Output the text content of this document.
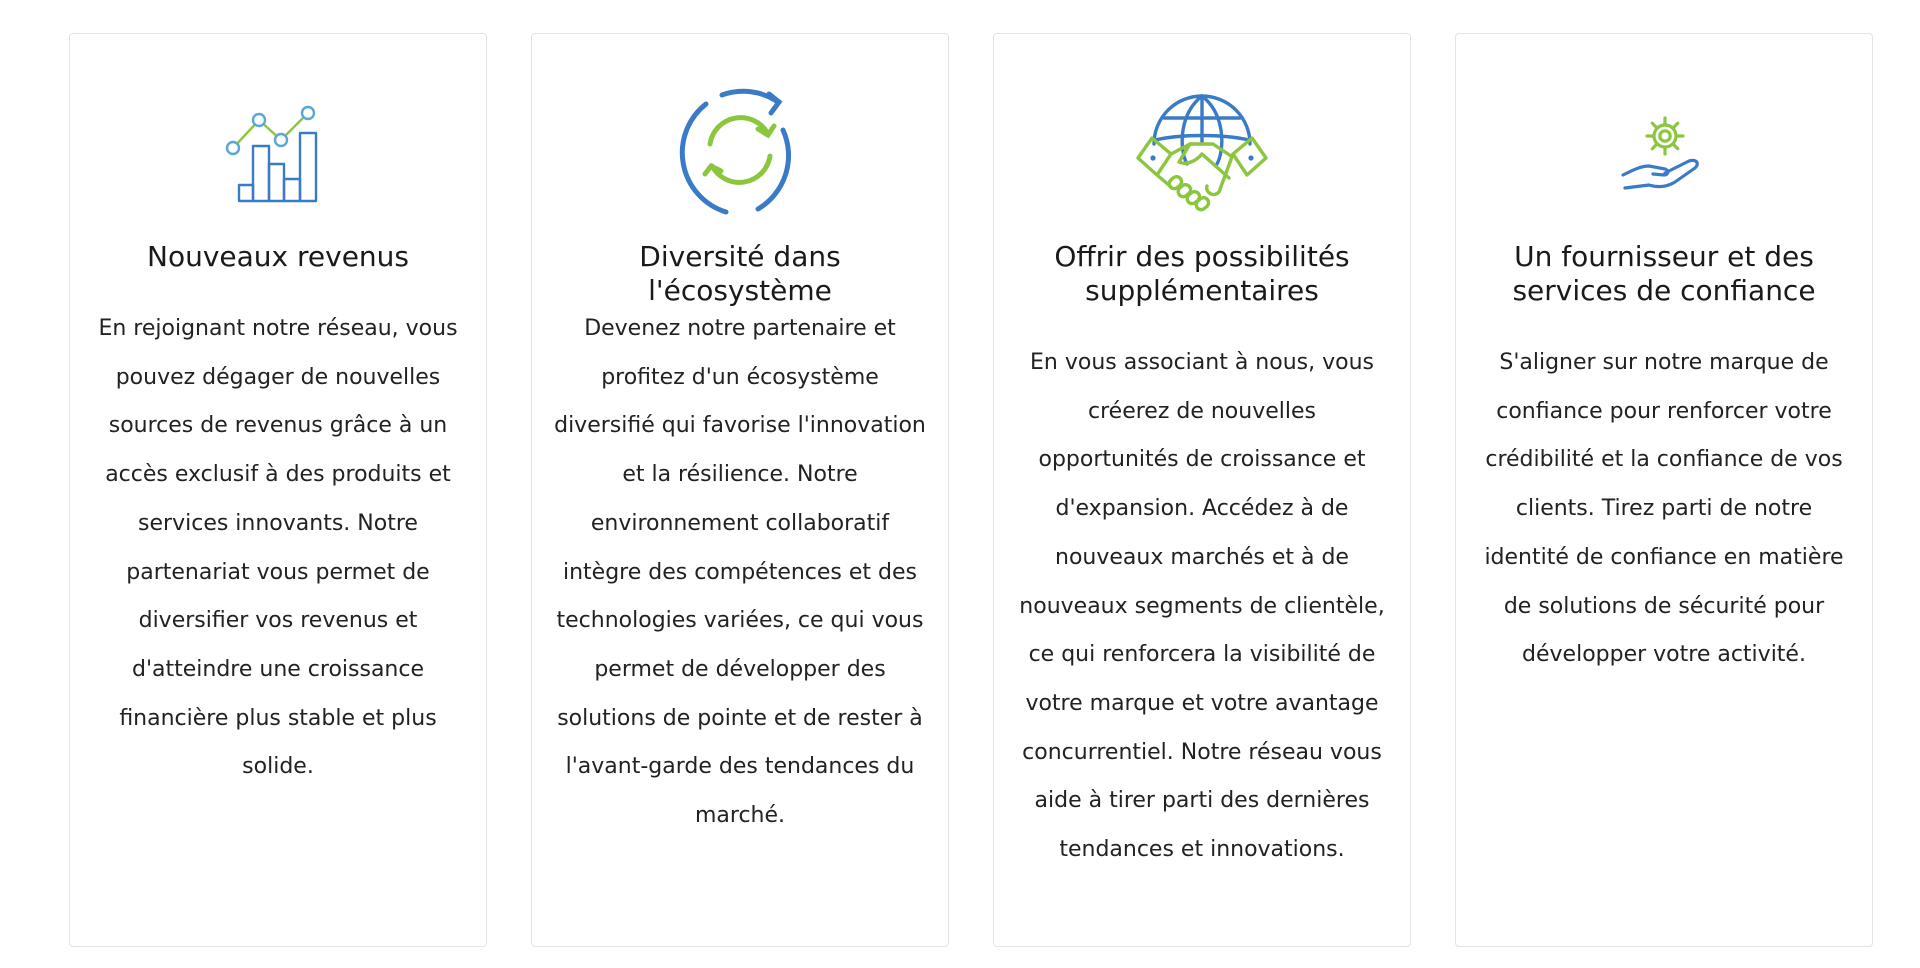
Nouveaux revenus

En rejoignant notre réseau, vous pouvez dégager de nouvelles sources de revenus grâce à un accès exclusif à des produits et services innovants. Notre partenariat vous permet de diversifier vos revenus et d'atteindre une croissance financière plus stable et plus solide.

Diversité dans l'écosystème

Devenez notre partenaire et profitez d'un écosystème diversifié qui favorise l'innovation et la résilience. Notre environnement collaboratif intègre des compétences et des technologies variées, ce qui vous permet de développer des solutions de pointe et de rester à l'avant-garde des tendances du marché.

Offrir des possibilités supplémentaires

En vous associant à nous, vous créerez de nouvelles opportunités de croissance et d'expansion. Accédez à de nouveaux marchés et à de nouveaux segments de clientèle, ce qui renforcera la visibilité de votre marque et votre avantage concurrentiel. Notre réseau vous aide à tirer parti des dernières tendances et innovations.

Un fournisseur et des services de confiance

S'aligner sur notre marque de confiance pour renforcer votre crédibilité et la confiance de vos clients. Tirez parti de notre identité de confiance en matière de solutions de sécurité pour développer votre activité.
